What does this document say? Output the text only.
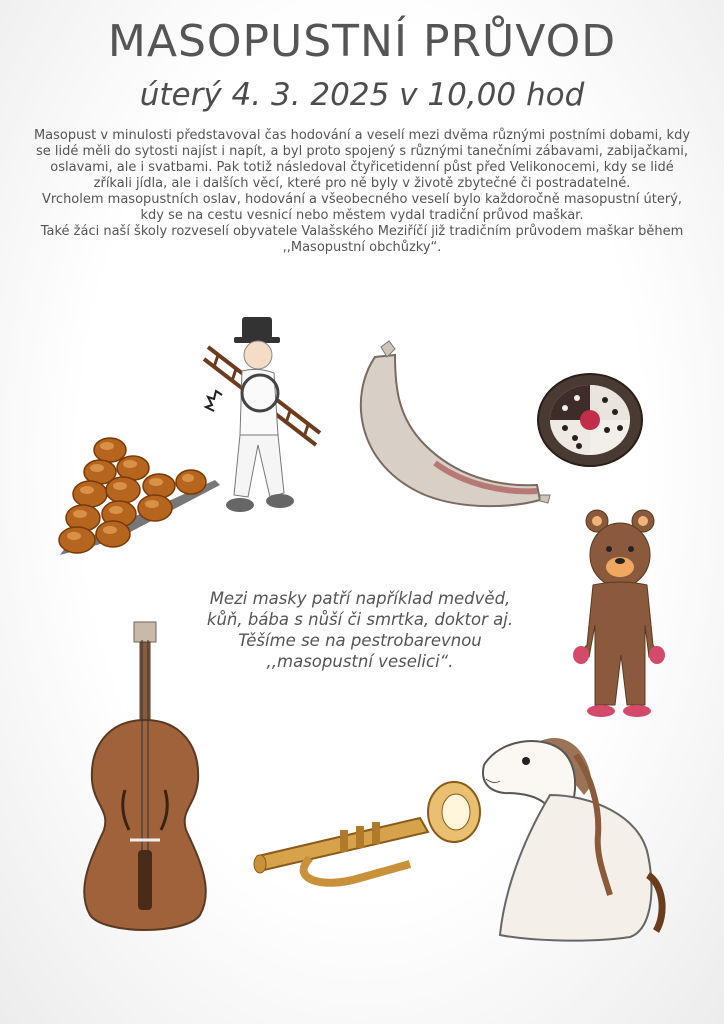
MASOPUSTNÍ PRŮVOD
úterý 4. 3. 2025 v 10,00 hod

Masopust v minulosti představoval čas hodování a veselí mezi dvěma různými postními dobami, kdy se lidé měli do sytosti najíst i napít, a byl proto spojený s různými tanečními zábavami, zabijačkami, oslavami, ale i svatbami. Pak totiž následoval čtyřicetidenní půst před Velikonocemi, kdy se lidé zříkali jídla, ale i dalších věcí, které pro ně byly v životě zbytečné či postradatelné.

Vrcholem masopustních oslav, hodování a všeobecného veselí bylo každoročně masopustní úterý, kdy se na cestu vesnicí nebo městem vydal tradiční průvod maškar.

Také žáci naší školy rozveselí obyvatele Valašského Meziříčí již tradičním průvodem maškar během ,,Masopustní obchůzky“.

Mezi masky patří například medvěd, kůň, bába s nůší či smrtka, doktor aj.

Těšíme se na pestrobarevnou ,,masopustní veselici“.
